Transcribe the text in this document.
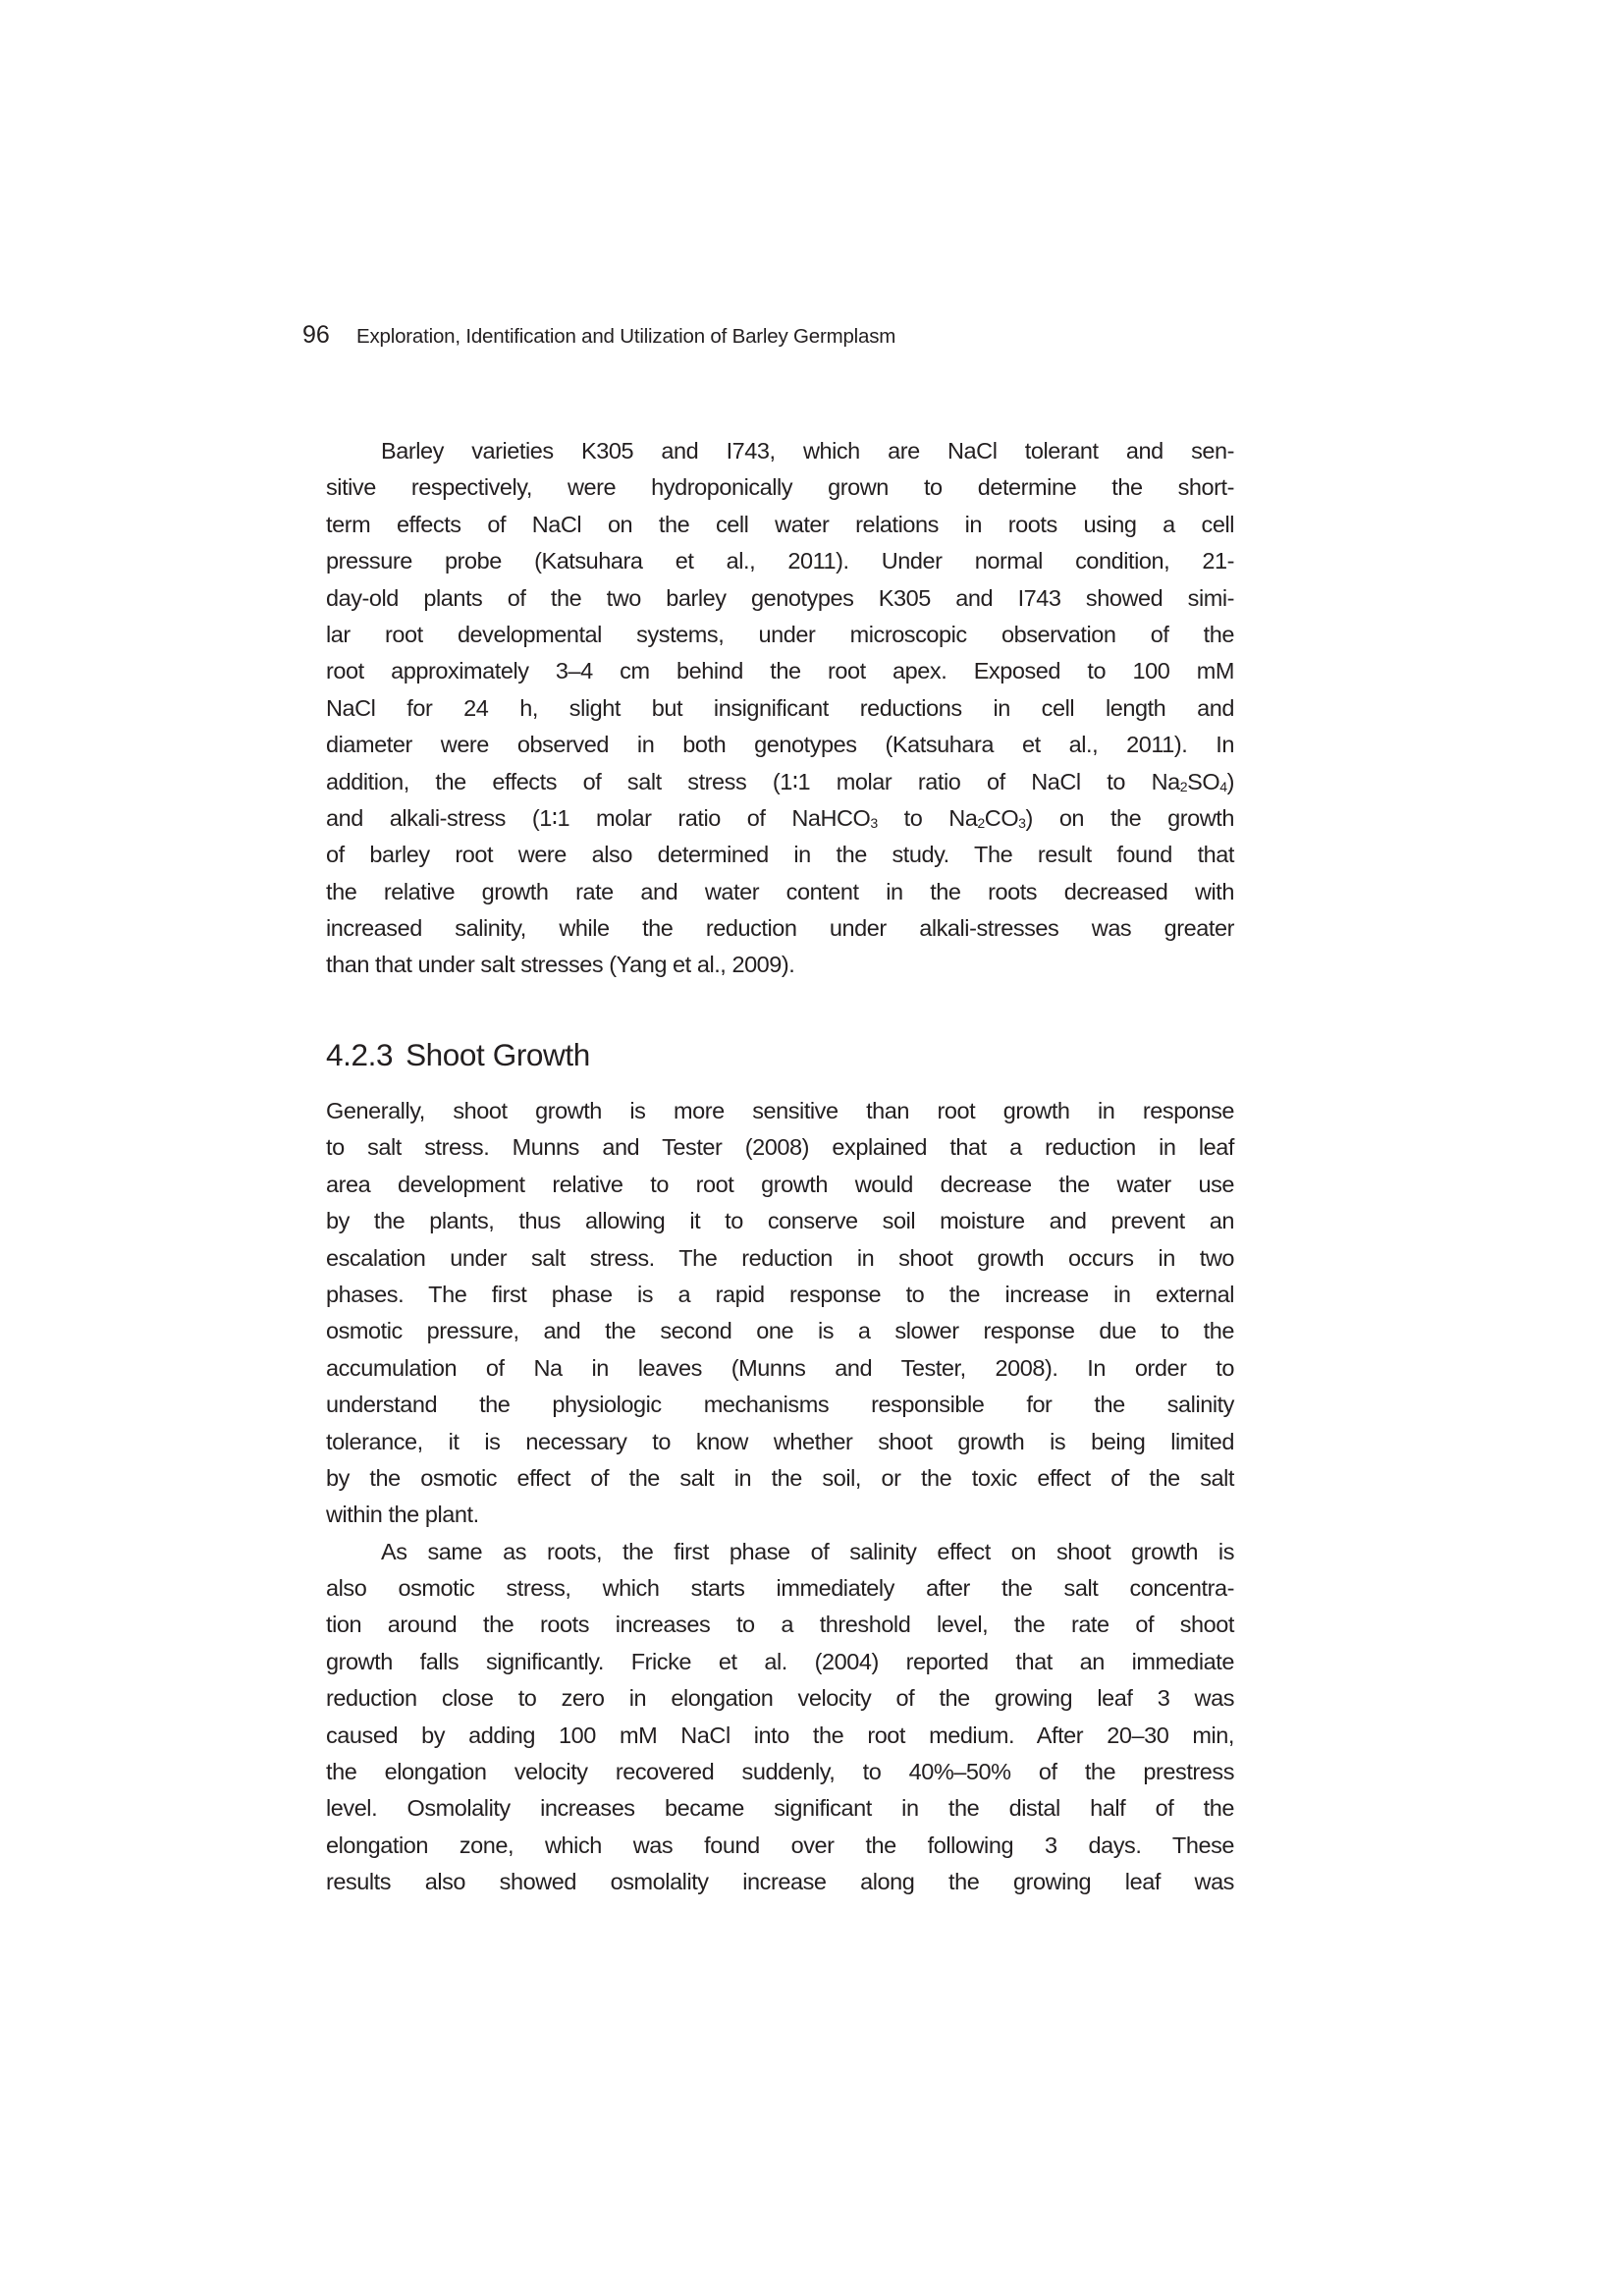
96 Exploration, Identification and Utilization of Barley Germplasm
Barley varieties K305 and I743, which are NaCl tolerant and sen-
sitive respectively, were hydroponically grown to determine the short-
term effects of NaCl on the cell water relations in roots using a cell
pressure probe (Katsuhara et al., 2011). Under normal condition, 21-
day-old plants of the two barley genotypes K305 and I743 showed simi-
lar root developmental systems, under microscopic observation of the
root approximately 3–4 cm behind the root apex. Exposed to 100 mM
NaCl for 24 h, slight but insignificant reductions in cell length and
diameter were observed in both genotypes (Katsuhara et al., 2011). In
addition, the effects of salt stress (1∶1 molar ratio of NaCl to $Na_2SO_4$)
and alkali-stress (1∶1 molar ratio of NaHCO$_3$ to $Na_2CO_3$) on the growth
of barley root were also determined in the study. The result found that
the relative growth rate and water content in the roots decreased with
increased salinity, while the reduction under alkali-stresses was greater
than that under salt stresses (Yang et al., 2009).
4.2.3 Shoot Growth
Generally, shoot growth is more sensitive than root growth in response
to salt stress. Munns and Tester (2008) explained that a reduction in leaf
area development relative to root growth would decrease the water use
by the plants, thus allowing it to conserve soil moisture and prevent an
escalation under salt stress. The reduction in shoot growth occurs in two
phases. The first phase is a rapid response to the increase in external
osmotic pressure, and the second one is a slower response due to the
accumulation of Na in leaves (Munns and Tester, 2008). In order to
understand the physiologic mechanisms responsible for the salinity
tolerance, it is necessary to know whether shoot growth is being limited
by the osmotic effect of the salt in the soil, or the toxic effect of the salt
within the plant.
As same as roots, the first phase of salinity effect on shoot growth is
also osmotic stress, which starts immediately after the salt concentra-
tion around the roots increases to a threshold level, the rate of shoot
growth falls significantly. Fricke et al. (2004) reported that an immediate
reduction close to zero in elongation velocity of the growing leaf 3 was
caused by adding 100 mM NaCl into the root medium. After 20–30 min,
the elongation velocity recovered suddenly, to 40%–50% of the prestress
level. Osmolality increases became significant in the distal half of the
elongation zone, which was found over the following 3 days. These
results also showed osmolality increase along the growing leaf was
